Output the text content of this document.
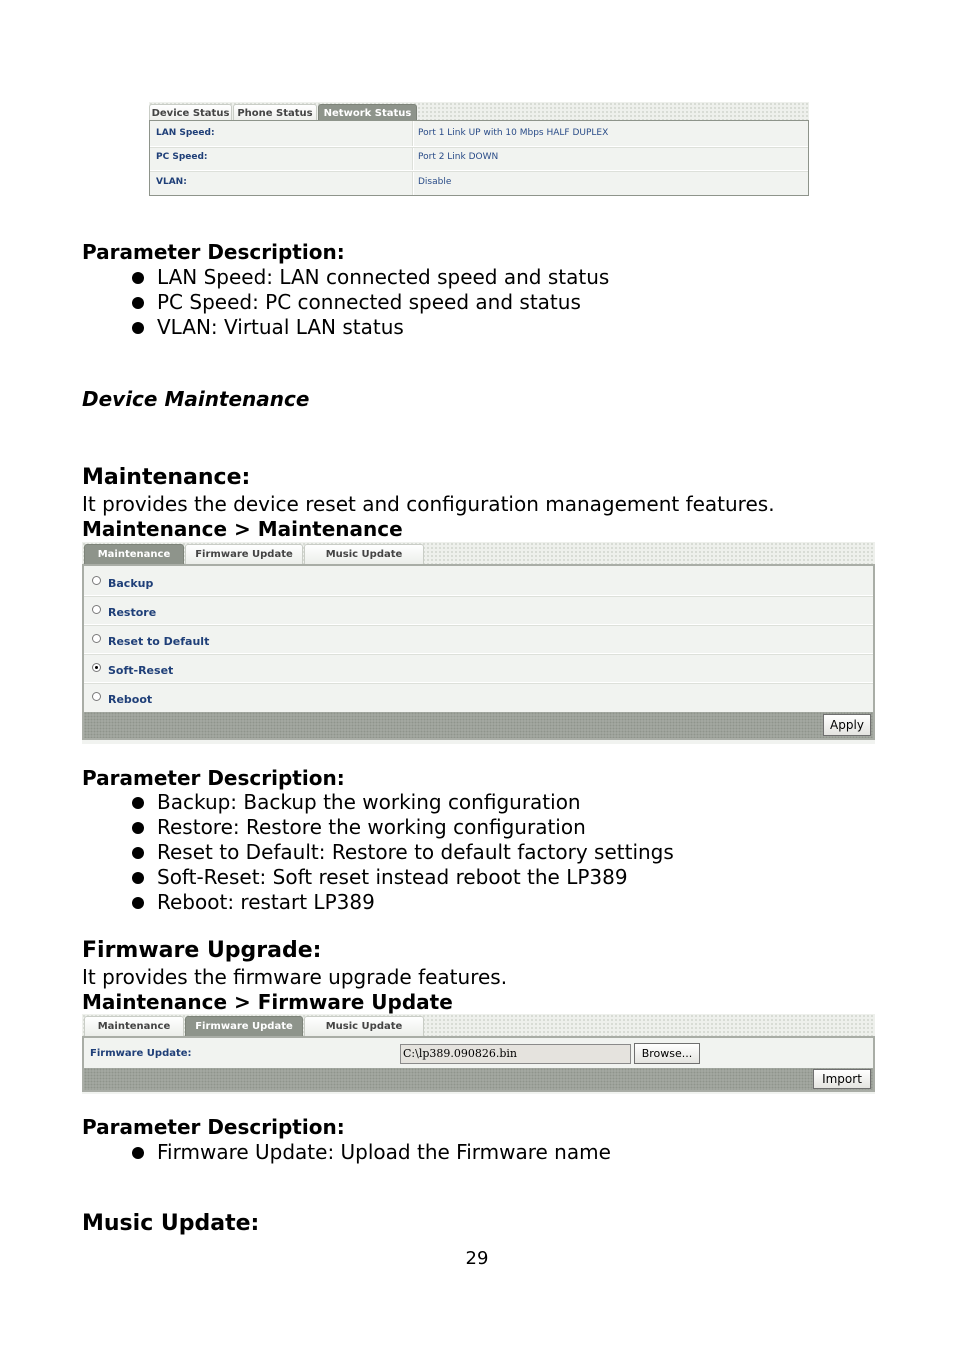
Device Status Phone Status	Network Status
LAN Speed:	Port 1 Link UP with 10 Mbps HALF DUPLEX
PC Speed:	Port 2 Link DOWN
VLAN:	Disable
Parameter Description:
LAN Speed: LAN connected speed and status
PC Speed: PC connected speed and status
VLAN: Virtual LAN status
Device Maintenance
Maintenance:
It provides the device reset and configuration management features.
Maintenance > Maintenance
Maintenance	Firmware Update	Music Update
Backup
Restore
Reset to Default
Soft-Reset
Reboot
Apply
Parameter Description:
Backup: Backup the working configuration
Restore: Restore the working configuration
Reset to Default: Restore to default factory settings
Soft-Reset: Soft reset instead reboot the LP389
Reboot: restart LP389
Firmware Upgrade:
It provides the firmware upgrade features.
Maintenance > Firmware Update
Maintenance	Firmware Update	Music Update
Firmware Update:	C:\lp389.090826.bin	Browse...
Import
Parameter Description:
Firmware Update: Upload the Firmware name
Music Update:
29
